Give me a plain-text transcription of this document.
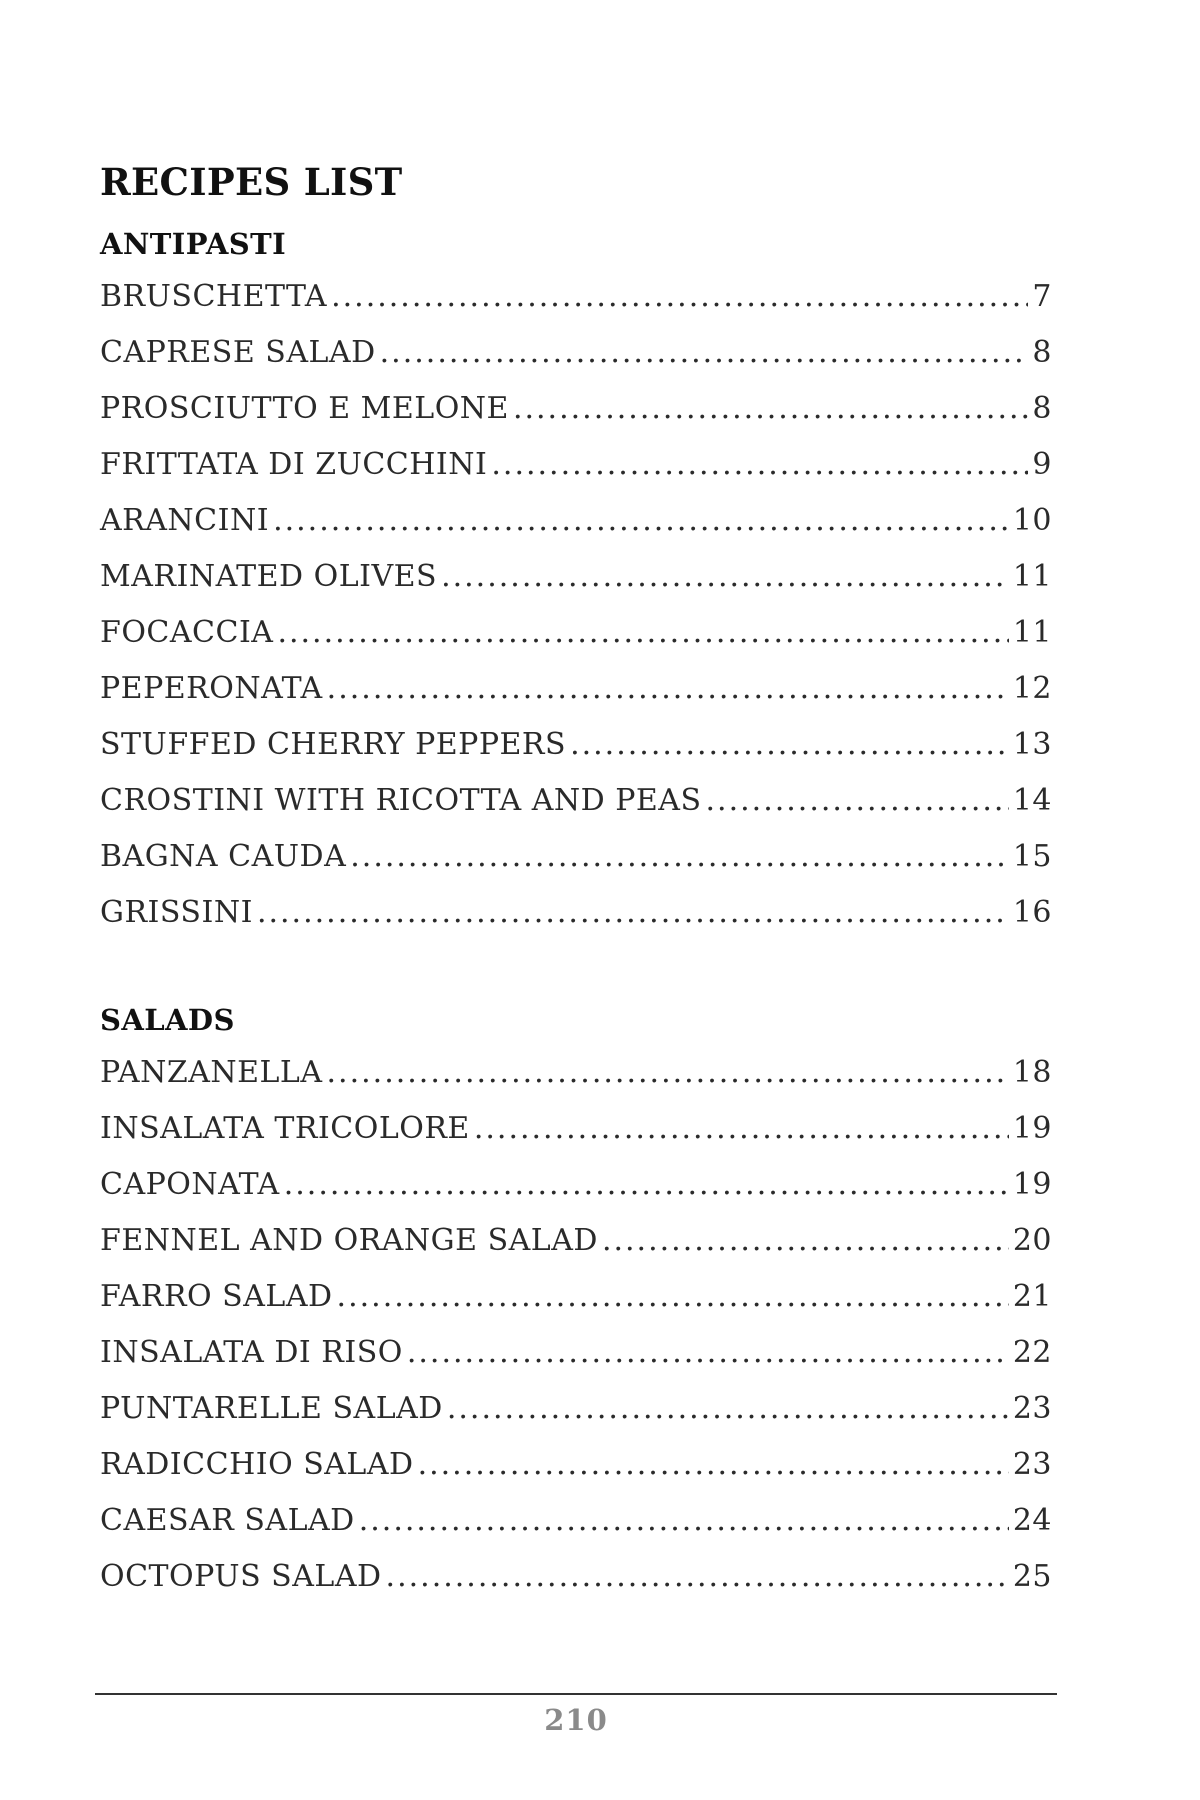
RECIPES LIST
ANTIPASTI
BRUSCHETTA .....	7
CAPRESE SALAD .....	8
PROSCIUTTO E MELONE .....	8
FRITTATA DI ZUCCHINI .....	9
ARANCINI .....	10
MARINATED OLIVES .....	11
FOCACCIA .....	11
PEPERONATA .....	12
STUFFED CHERRY PEPPERS .....	13
CROSTINI WITH RICOTTA AND PEAS .....	14
BAGNA CAUDA .....	15
GRISSINI .....	16
SALADS
PANZANELLA .....	18
INSALATA TRICOLORE .....	19
CAPONATA .....	19
FENNEL AND ORANGE SALAD .....	20
FARRO SALAD .....	21
INSALATA DI RISO .....	22
PUNTARELLE SALAD .....	23
RADICCHIO SALAD .....	23
CAESAR SALAD .....	24
OCTOPUS SALAD .....	25
210
